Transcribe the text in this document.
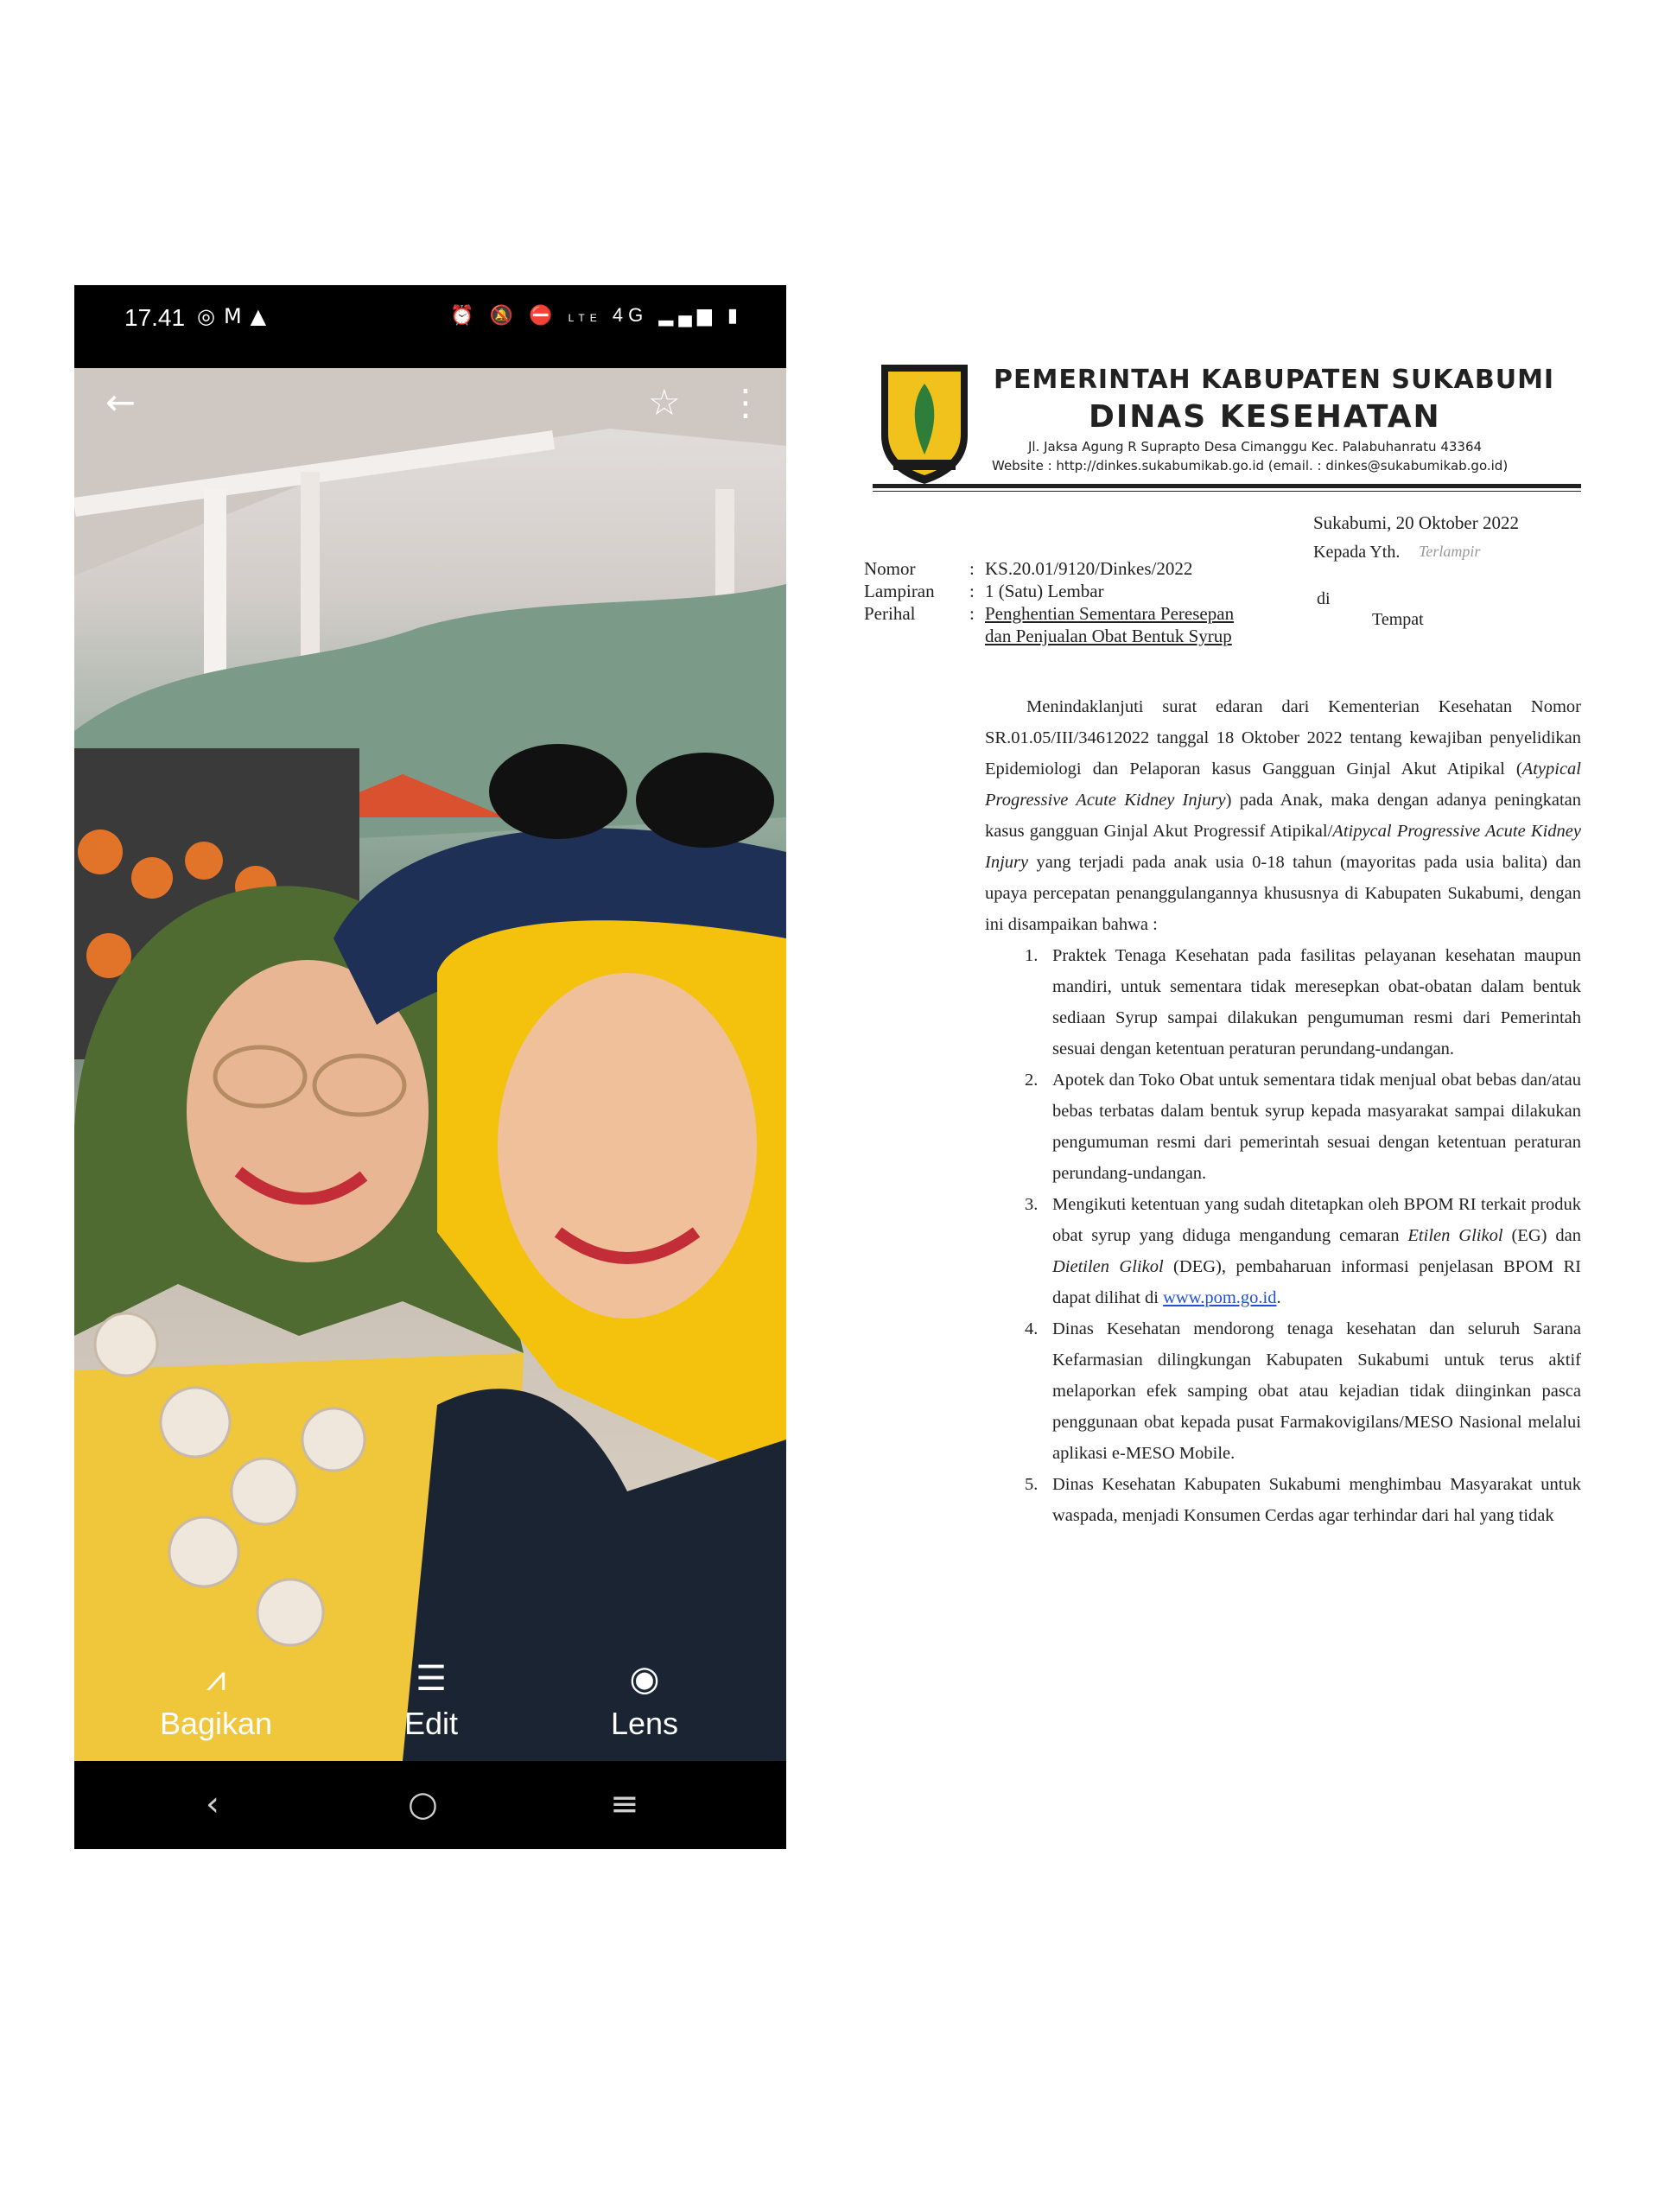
17.41 ◎M▲	⏰ 🔕 ⛔ LTE 4G ▂▄▆ ▮
←	☆ ⋮
⩘
Bagikan
☰
Edit
◉
Lens
‹	○	≡
PEMERINTAH KABUPATEN SUKABUMI
DINAS KESEHATAN
Jl. Jaksa Agung R Suprapto Desa Cimanggu Kec. Palabuhanratu 43364
Website : http://dinkes.sukabumikab.go.id (email. : dinkes@sukabumikab.go.id)
Sukabumi, 20 Oktober 2022
Kepada Yth. Terlampir
di
Tempat
Nomor	: KS.20.01/9120/Dinkes/2022
Lampiran : 1 (Satu) Lembar
Perihal	: Penghentian Sementara Peresepan
dan Penjualan Obat Bentuk Syrup

Menindaklanjuti surat edaran dari Kementerian Kesehatan Nomor SR.01.05/III/34612022 tanggal 18 Oktober 2022 tentang kewajiban penyelidikan Epidemiologi dan Pelaporan kasus Gangguan Ginjal Akut Atipikal (Atypical Progressive Acute Kidney Injury) pada Anak, maka dengan adanya peningkatan kasus gangguan Ginjal Akut Progressif Atipikal/Atipycal Progressive Acute Kidney Injury yang terjadi pada anak usia 0-18 tahun (mayoritas pada usia balita) dan upaya percepatan penanggulangannya khususnya di Kabupaten Sukabumi, dengan ini disampaikan bahwa :

1. Praktek Tenaga Kesehatan pada fasilitas pelayanan kesehatan maupun mandiri, untuk sementara tidak meresepkan obat-obatan dalam bentuk sediaan Syrup sampai dilakukan pengumuman resmi dari Pemerintah sesuai dengan ketentuan peraturan perundang-undangan.
2. Apotek dan Toko Obat untuk sementara tidak menjual obat bebas dan/atau bebas terbatas dalam bentuk syrup kepada masyarakat sampai dilakukan pengumuman resmi dari pemerintah sesuai dengan ketentuan peraturan perundang-undangan.
3. Mengikuti ketentuan yang sudah ditetapkan oleh BPOM RI terkait produk obat syrup yang diduga mengandung cemaran Etilen Glikol (EG) dan Dietilen Glikol (DEG), pembaharuan informasi penjelasan BPOM RI dapat dilihat di www.pom.go.id.
4. Dinas Kesehatan mendorong tenaga kesehatan dan seluruh Sarana Kefarmasian dilingkungan Kabupaten Sukabumi untuk terus aktif melaporkan efek samping obat atau kejadian tidak diinginkan pasca penggunaan obat kepada pusat Farmakovigilans/MESO Nasional melalui aplikasi e-MESO Mobile.
5. Dinas Kesehatan Kabupaten Sukabumi menghimbau Masyarakat untuk waspada, menjadi Konsumen Cerdas agar terhindar dari hal yang tidak
